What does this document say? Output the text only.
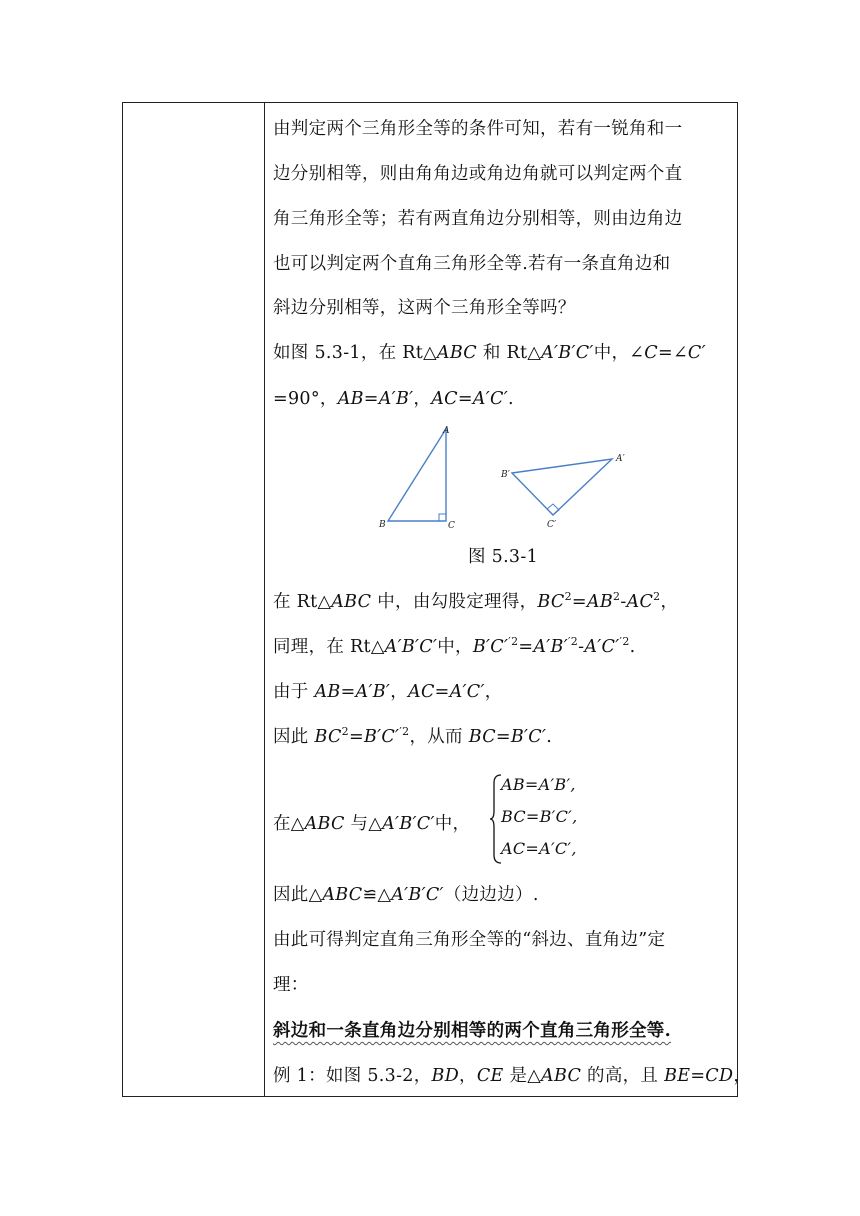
由判定两个三角形全等的条件可知，若有一锐角和一
边分别相等，则由角角边或角边角就可以判定两个直
角三角形全等；若有两直角边分别相等，则由边角边
也可以判定两个直角三角形全等.若有一条直角边和
斜边分别相等，这两个三角形全等吗？
如图 5.3-1，在 Rt△ABC 和 Rt△A′B′C′中，∠C=∠C′
=90°，AB=A′B′，AC=A′C′.
A
B	C
A′
B′
C′
图 5.3-1
在 Rt△ABC 中，由勾股定理得，$BC^2=AB^2-AC^2$，
同理，在 Rt△A′B′C′中，$B'C'^{'2}=A'B'^{'2}-A'C'^{'2}$.
由于 AB=A′B′，AC=A′C′，
因此 $BC^2=B'C'^{'2}$，从而 BC=B′C′.
在△ABC 与△A′B′C′中，
AB=A′B′,
BC=B′C′,
AC=A′C′,
因此△ABC≌△A′B′C′（边边边）.
由此可得判定直角三角形全等的“斜边、直角边”定
理：
斜边和一条直角边分别相等的两个直角三角形全等.
例 1：如图 5.3-2，BD，CE 是△ABC 的高，且 BE=CD，
